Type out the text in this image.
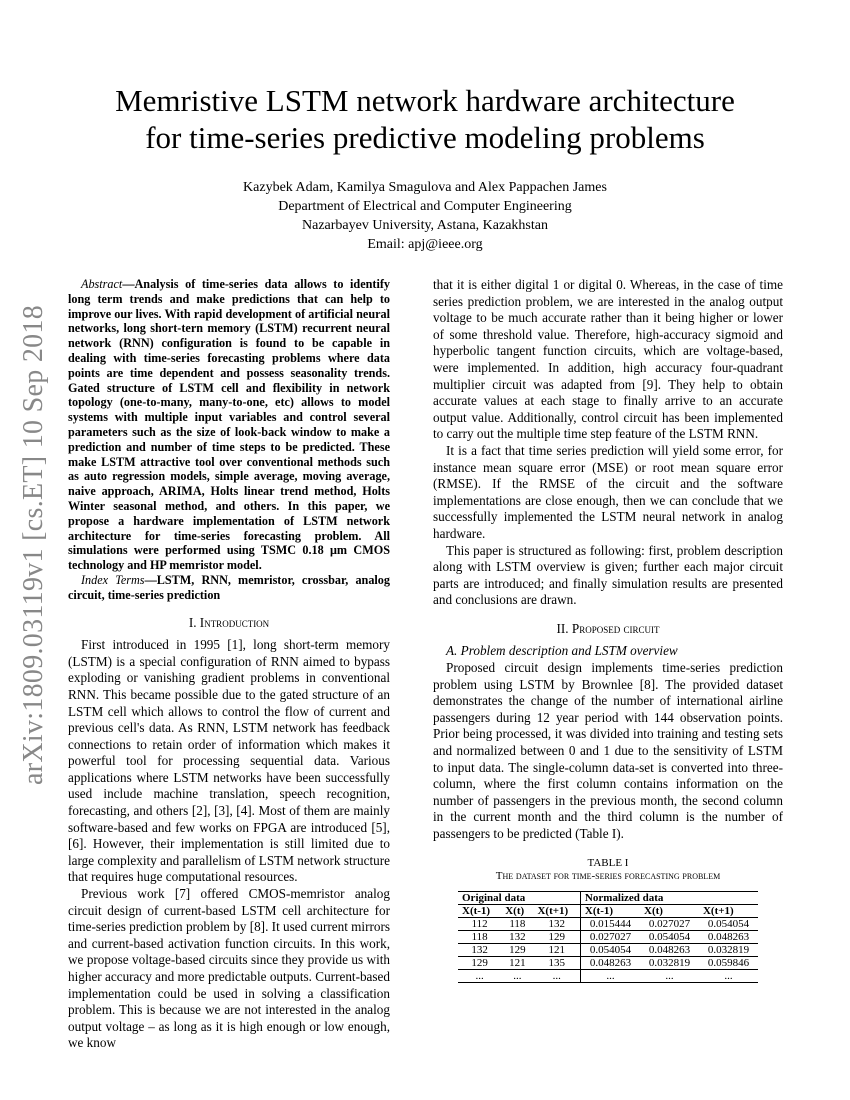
arXiv:1809.03119v1 [cs.ET] 10 Sep 2018
Memristive LSTM network hardware architecture
for time-series predictive modeling problems
Kazybek Adam, Kamilya Smagulova and Alex Pappachen James
Department of Electrical and Computer Engineering
Nazarbayev University, Astana, Kazakhstan
Email: apj@ieee.org

Abstract—Analysis of time-series data allows to identify long term trends and make predictions that can help to improve our lives. With rapid development of artificial neural networks, long short-tern memory (LSTM) recurrent neural network (RNN) configuration is found to be capable in dealing with time-series forecasting problems where data points are time dependent and possess seasonality trends. Gated structure of LSTM cell and flexibility in network topology (one-to-many, many-to-one, etc) allows to model systems with multiple input variables and control several parameters such as the size of look-back window to make a prediction and number of time steps to be predicted. These make LSTM attractive tool over conventional methods such as auto regression models, simple average, moving average, naive approach, ARIMA, Holts linear trend method, Holts Winter seasonal method, and others. In this paper, we propose a hardware implementation of LSTM network architecture for time-series forecasting problem. All simulations were performed using TSMC 0.18 μm CMOS technology and HP memristor model.

Index Terms—LSTM, RNN, memristor, crossbar, analog circuit, time-series prediction

I. Introduction

First introduced in 1995 [1], long short-term memory (LSTM) is a special configuration of RNN aimed to bypass exploding or vanishing gradient problems in conventional RNN. This became possible due to the gated structure of an LSTM cell which allows to control the flow of current and previous cell's data. As RNN, LSTM network has feedback connections to retain order of information which makes it powerful tool for processing sequential data. Various applications where LSTM networks have been successfully used include machine translation, speech recognition, forecasting, and others [2], [3], [4]. Most of them are mainly software-based and few works on FPGA are introduced [5], [6]. However, their implementation is still limited due to large complexity and parallelism of LSTM network structure that requires huge computational resources.

Previous work [7] offered CMOS-memristor analog circuit design of current-based LSTM cell architecture for time-series prediction problem by [8]. It used current mirrors and current-based activation function circuits. In this work, we propose voltage-based circuits since they provide us with higher accuracy and more predictable outputs. Current-based implementation could be used in solving a classification problem. This is because we are not interested in the analog output voltage – as long as it is high enough or low enough, we know

that it is either digital 1 or digital 0. Whereas, in the case of time series prediction problem, we are interested in the analog output voltage to be much accurate rather than it being higher or lower of some threshold value. Therefore, high-accuracy sigmoid and hyperbolic tangent function circuits, which are voltage-based, were implemented. In addition, high accuracy four-quadrant multiplier circuit was adapted from [9]. They help to obtain accurate values at each stage to finally arrive to an accurate output value. Additionally, control circuit has been implemented to carry out the multiple time step feature of the LSTM RNN.

It is a fact that time series prediction will yield some error, for instance mean square error (MSE) or root mean square error (RMSE). If the RMSE of the circuit and the software implementations are close enough, then we can conclude that we successfully implemented the LSTM neural network in analog hardware.

This paper is structured as following: first, problem description along with LSTM overview is given; further each major circuit parts are introduced; and finally simulation results are presented and conclusions are drawn.

II. Proposed circuit

A. Problem description and LSTM overview

Proposed circuit design implements time-series prediction problem using LSTM by Brownlee [8]. The provided dataset demonstrates the change of the number of international airline passengers during 12 year period with 144 observation points. Prior being processed, it was divided into training and testing sets and normalized between 0 and 1 due to the sensitivity of LSTM to input data. The single-column data-set is converted into three-column, where the first column contains information on the number of passengers in the previous month, the second column in the current month and the third column is the number of passengers to be predicted (Table I).

TABLE I
The dataset for time-series forecasting problem
Original data			Normalized data		
X(t-1)	X(t)	X(t+1)	X(t-1)	X(t)	X(t+1)
112	118	132	0.015444	0.027027	0.054054
118	132	129	0.027027	0.054054	0.048263
132	129	121	0.054054	0.048263	0.032819
129	121	135	0.048263	0.032819	0.059846
...	...	...	...	...	...
